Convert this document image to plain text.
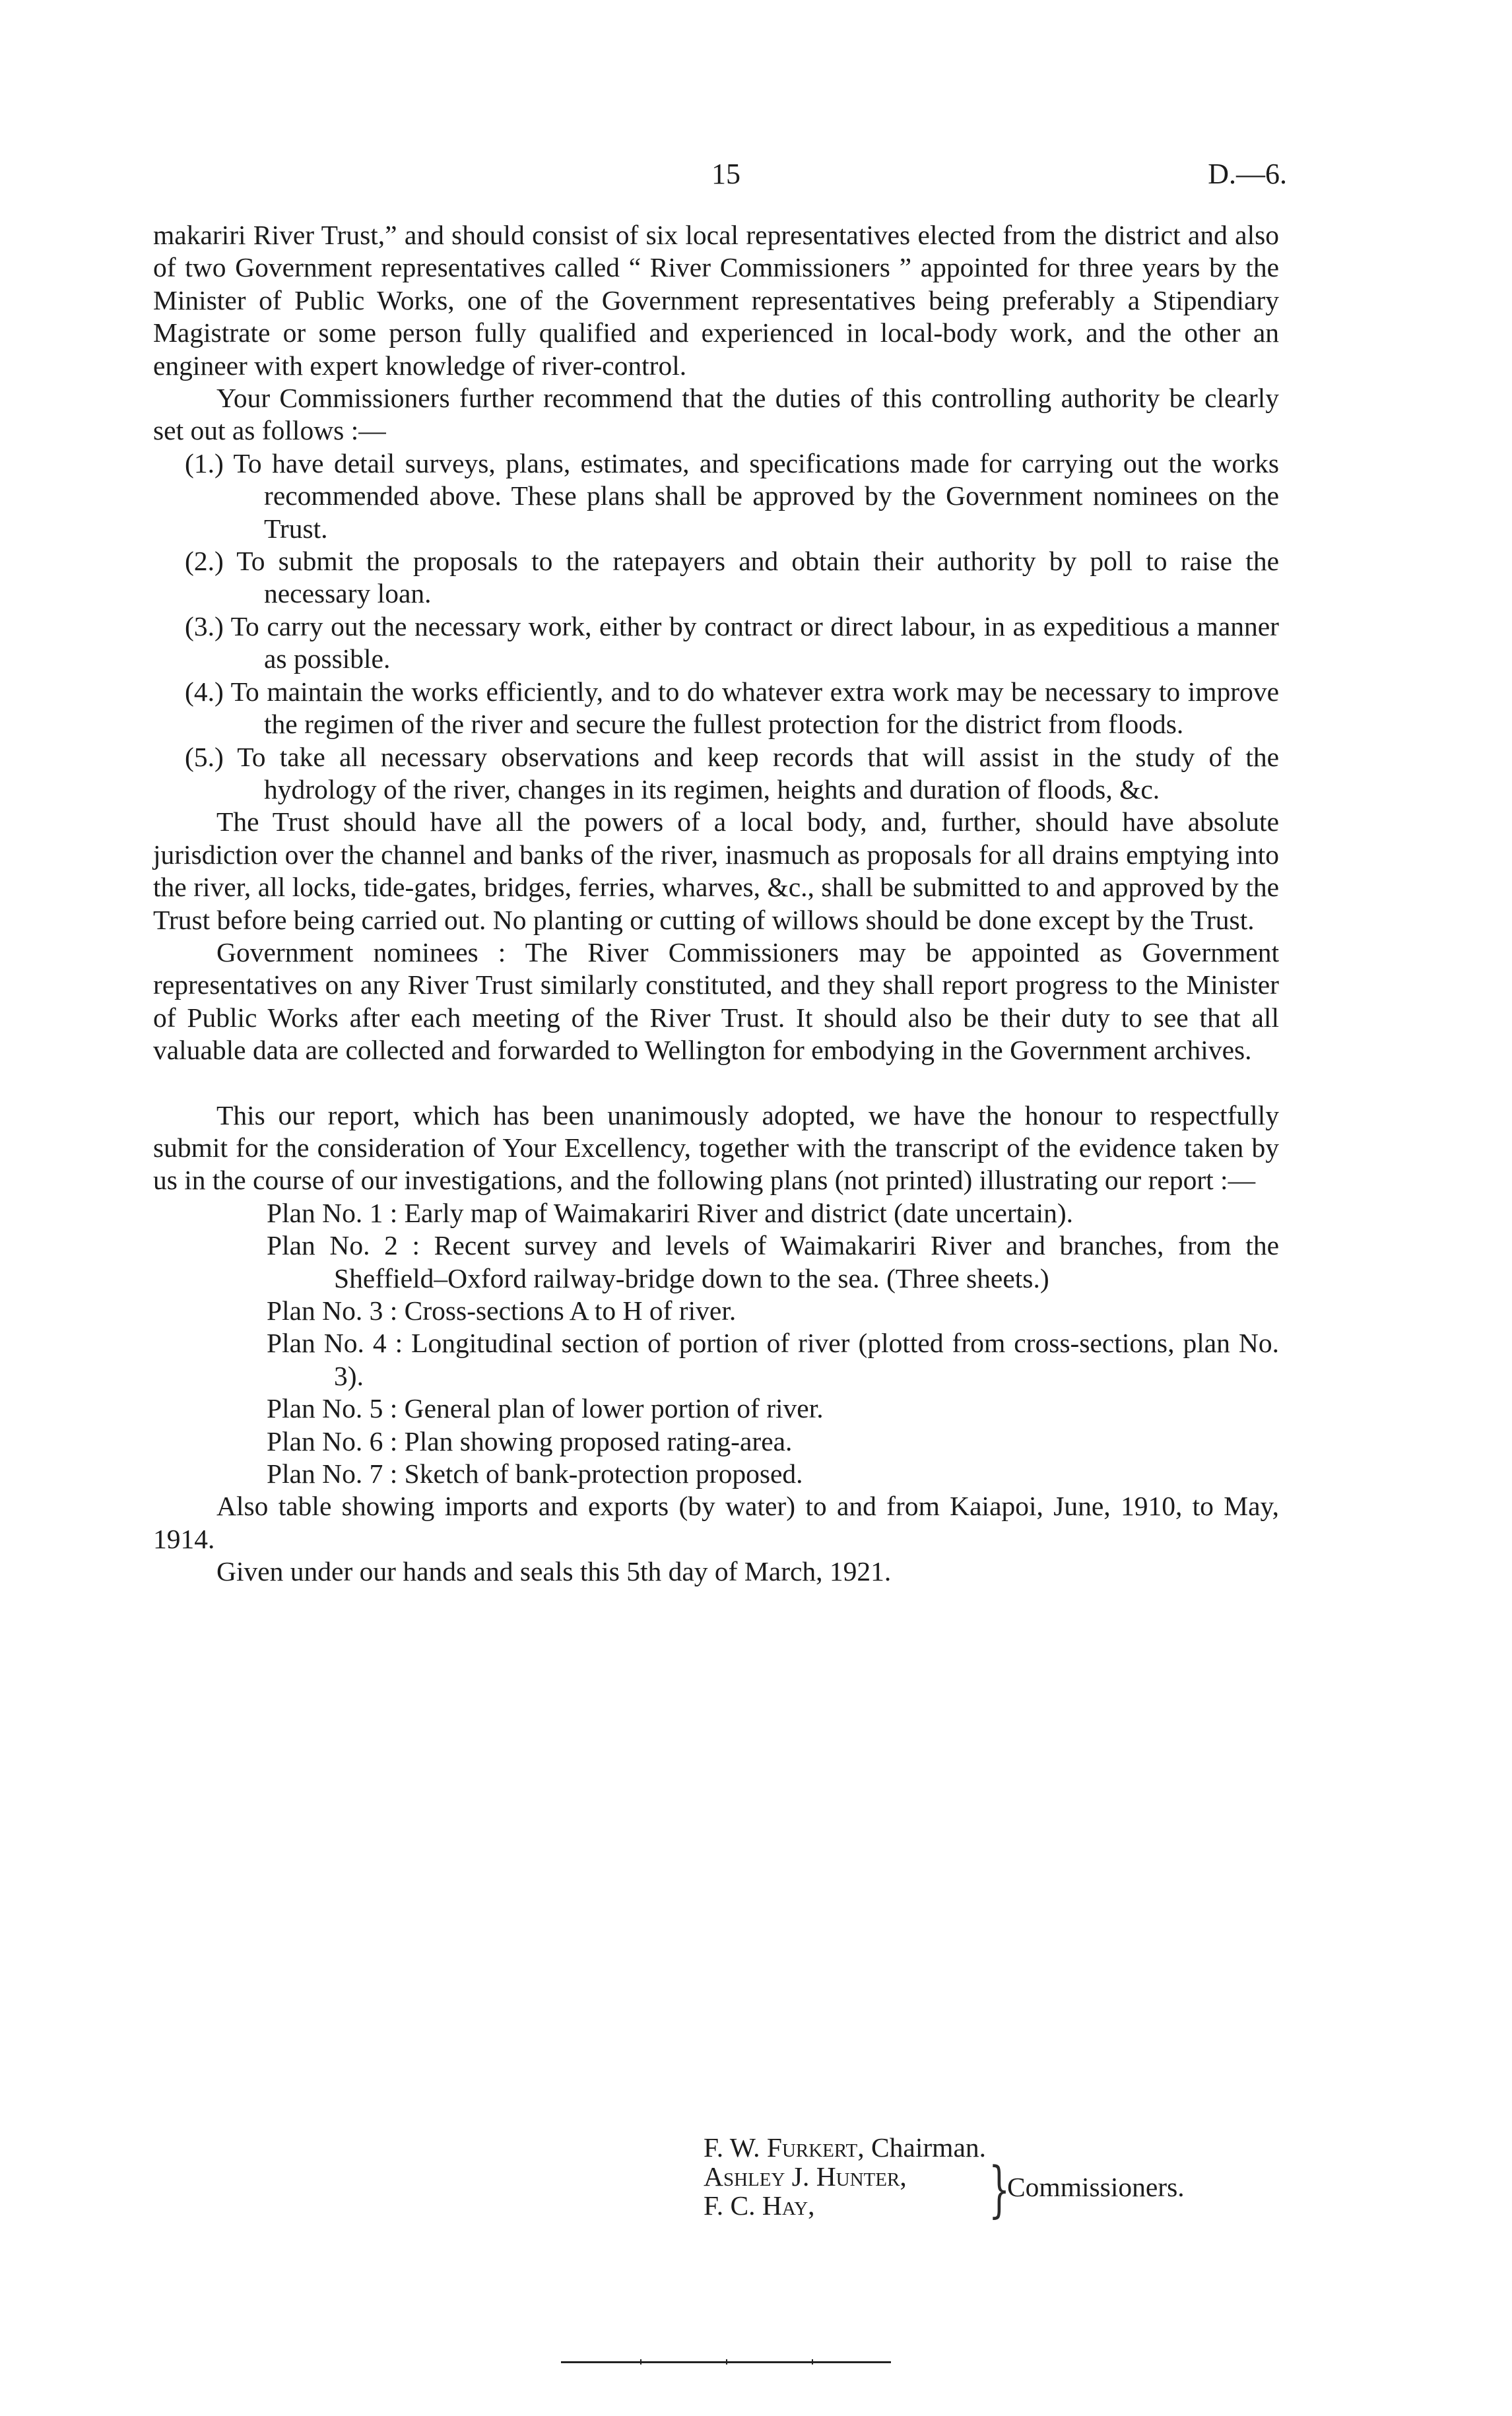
15	D.—6.

makariri River Trust,” and should consist of six local representatives elected from the district and also of two Government representatives called “ River Commissioners ” appointed for three years by the Minister of Public Works, one of the Government representatives being preferably a Stipendiary Magistrate or some person fully qualified and experienced in local-body work, and the other an engineer with expert knowledge of river-control.

Your Commissioners further recommend that the duties of this controlling authority be clearly set out as follows :—

(1.) To have detail surveys, plans, estimates, and specifications made for carrying out the works recommended above. These plans shall be approved by the Government nominees on the Trust.

(2.) To submit the proposals to the ratepayers and obtain their authority by poll to raise the necessary loan.

(3.) To carry out the necessary work, either by contract or direct labour, in as expeditious a manner as possible.

(4.) To maintain the works efficiently, and to do whatever extra work may be necessary to improve the regimen of the river and secure the fullest protection for the district from floods.

(5.) To take all necessary observations and keep records that will assist in the study of the hydrology of the river, changes in its regimen, heights and duration of floods, &c.

The Trust should have all the powers of a local body, and, further, should have absolute jurisdiction over the channel and banks of the river, inasmuch as proposals for all drains emptying into the river, all locks, tide-gates, bridges, ferries, wharves, &c., shall be submitted to and approved by the Trust before being carried out. No planting or cutting of willows should be done except by the Trust.

Government nominees : The River Commissioners may be appointed as Government representatives on any River Trust similarly constituted, and they shall report progress to the Minister of Public Works after each meeting of the River Trust. It should also be their duty to see that all valuable data are collected and forwarded to Wellington for embodying in the Government archives.

This our report, which has been unanimously adopted, we have the honour to respectfully submit for the consideration of Your Excellency, together with the transcript of the evidence taken by us in the course of our investigations, and the following plans (not printed) illustrating our report :—

Plan No. 1 : Early map of Waimakariri River and district (date uncertain).

Plan No. 2 : Recent survey and levels of Waimakariri River and branches, from the Sheffield–Oxford railway-bridge down to the sea. (Three sheets.)

Plan No. 3 : Cross-sections A to H of river.

Plan No. 4 : Longitudinal section of portion of river (plotted from cross-sections, plan No. 3).

Plan No. 5 : General plan of lower portion of river.

Plan No. 6 : Plan showing proposed rating-area.

Plan No. 7 : Sketch of bank-protection proposed.

Also table showing imports and exports (by water) to and from Kaiapoi, June, 1910, to May, 1914.

Given under our hands and seals this 5th day of March, 1921.

F. W. Furkert, Chairman.
Ashley J. Hunter,
F. C. Hay,	}
Commissioners.
